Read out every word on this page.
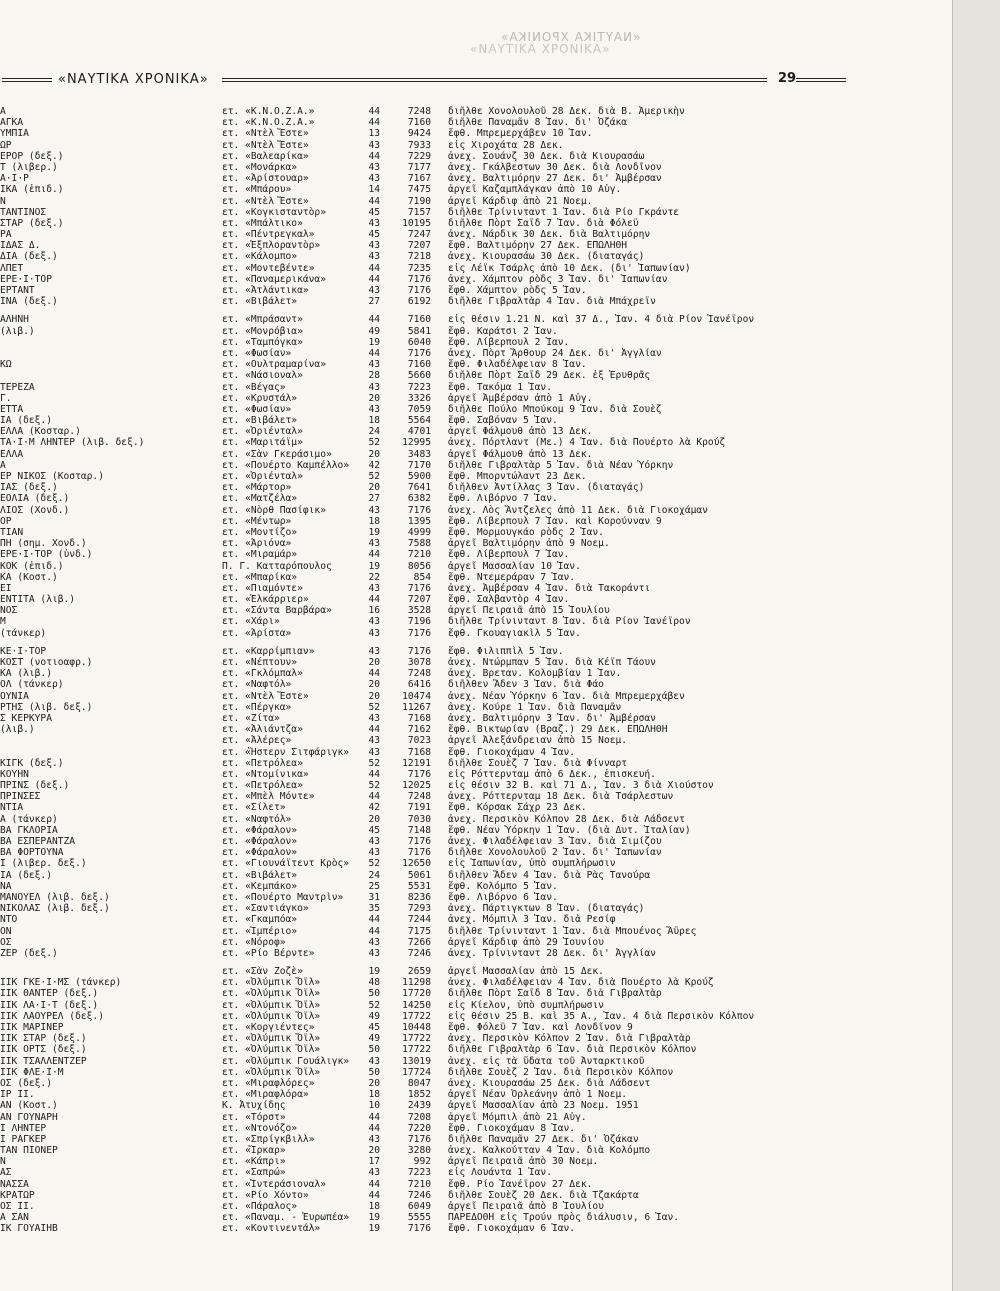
«ΝΑΥΤΙΚΑ ΧΡΟΝΙΚΑ»
«ΝΑΥΤΙΚΑ ΧΡΟΝΙΚΑ»
«ΝΑΥΤΙΚΑ ΧΡΟΝΙΚΑ»	29
Α	ετ. «Κ.Ν.Ο.Ζ.Α.»	44	7248 διῆλθε Χονολουλοῦ 28 Δεκ. διὰ Β. Ἀμερικὴν
ΑΓΚΑ	ετ. «Κ.Ν.Ο.Ζ.Α.»	44	7160 διῆλθε Παναμᾶν 8 Ἰαν. δι' Ὀζάκα
ΥΜΠΙΑ	ετ. «Ντὲλ Ἔστε»	13	9424 ἔφθ. Μπρεμερχάβεν 10 Ἰαν.
ΩΡ	ετ. «Ντὲλ Ἔστε»	43	7933 εἰς Χιροχάτα 28 Δεκ.
ΕΡΟΡ (δεξ.)	ετ. «Βαλεαρίκα»	44	7229 ἀνεχ. Σουάνζ 30 Δεκ. διὰ Κιουρασάω
Τ (λιβερ.)	ετ. «Μονάρκα»	43	7177 ἀνεχ. Γκάλβεστων 30 Δεκ. διὰ Λονδῖνον
Α·Ι·Ρ	ετ. «Ἀρίστουαρ»	43	7167 ἀνεχ. Βαλτιμόρην 27 Δεκ. δι' Ἀμβέρσαν
ΙΚΑ (ἐπιδ.)	ετ. «Μπάρου»	14	7475 ἀργεῖ Καζαμπλάγκαν ἀπὸ 10 Αὐγ.
Ν	ετ. «Ντὲλ Ἔστε»	44	7190 ἀργεῖ Κάρδιφ ἀπὸ 21 Νοεμ.
ΤΑΝΤΙΝΟΣ	ετ. «Κογκισταντὸρ»	45	7157 διῆλθε Τρίνινταντ 1 Ἰαν. διὰ Ρίο Γκράντε
ΣΤΑΡ (δεξ.)	ετ. «Μπάλτικο»	43	10195 διῆλθε Πὸρτ Σαΐδ 7 Ἰαν. διὰ Φόλεϋ
ΡΑ	ετ. «Πέντρεγκαλ»	45	7247 ἀνεχ. Νάρδικ 30 Δεκ. διὰ Βαλτιμόρην
ΙΔΑΣ Δ.	ετ. «Ἐξπλοραντὸρ»	43	7207 ἔφθ. Βαλτιμόρην 27 Δεκ. ΕΠΩΛΗΘΗ
ΔΙΑ (δεξ.)	ετ. «Κάλομπο»	43	7218 ἀνεχ. Κιουρασάω 30 Δεκ. (διαταγάς)
ΛΠΕΤ	ετ. «Μοντεβέντε»	44	7235 εἰς Λέϊκ Τσάρλς ἀπὸ 10 Δεκ. (δι' Ἰαπωνίαν)
ΕΡΕ·Ι·ΤΟΡ	ετ. «Παναμερικάνα»	44	7176 ἀνεχ. Χάμπτον ρὸδς 3 Ἰαν. δι' Ἰαπωνίαν
ΕΡΤΑΝΤ	ετ. «Ἀτλάντικα»	43	7176 ἔφθ. Χάμπτον ρὸδς 5 Ἰαν.
ΙΝΑ (δεξ.)	ετ. «Βιβάλετ»	27	6192 διῆλθε Γιβραλτὰρ 4 Ἰαν. διὰ Μπάχρεϊν
ΑΛΗΝΗ	ετ. «Μπράσαντ»	44	7160 εἰς θέσιν 1.21 Ν. καὶ 37 Δ., Ἰαν. 4 διὰ Ρίον Ἰανέϊρον
(λιβ.)	ετ. «Μονρόβια»	49	5841 ἔφθ. Καράτσι 2 Ἰαν.
ετ. «Ταμπόγκα»	19	6040 ἔφθ. Λίβερπουλ 2 Ἰαν.
ετ. «Φωσίαν»	44	7176 ἀνεχ. Πὸρτ Ἄρθουρ 24 Δεκ. δι' Ἀγγλίαν
ΚΩ	ετ. «Ουλτραμαρίνα»	43	7160 ἔφθ. Φιλαδέλφειαν 8 Ἰαν.
ετ. «Νάσιοναλ»	28	5660 διῆλθε Πὸρτ Σαΐδ 29 Δεκ. ἐξ Ἐρυθρᾶς
ΤΕΡΕΖΑ	ετ. «Βέγας»	43	7223 ἔφθ. Τακόμα 1 Ἰαν.
Γ.	ετ. «Κρυστάλ»	20	3326 ἀργεῖ Ἀμβέρσαν ἀπὸ 1 Αὐγ.
ΕΤΤΑ	ετ. «Φωσίαν»	43	7059 διῆλθε Πούλο Μπούκομ 9 Ἰαν. διὰ Σουὲζ
ΙΑ (δεξ.)	ετ. «Βιβάλετ»	18	5564 ἔφθ. Σαβόναν 5 Ἰαν.
ΕΛΛΑ (Κοσταρ.)	ετ. «Ὀριένταλ»	24	4701 ἀργεῖ Φάλμουθ ἀπὸ 13 Δεκ.
ΤΑ·Ι·Μ ΛΗΝΤΕΡ (λιβ. δεξ.)	ετ. «Μαριτάϊμ»	52	12995 ἀνεχ. Πόρτλαντ (Με.) 4 Ἰαν. διὰ Πουέρτο λὰ Κρούζ
ΕΛΛΑ	ετ. «Σὰν Γκεράσιμο»	20	3483 ἀργεῖ Φάλμουθ ἀπὸ 13 Δεκ.
Α	ετ. «Πουέρτο Καμπέλλο»	42	7170 διῆλθε Γιβραλτὰρ 5 Ἰαν. διὰ Νέαν Ὑόρκην
ΕΡ ΝΙΚΟΣ (Κοσταρ.)	ετ. «Ὀριένταλ»	52	5900 ἔφθ. Μπορντώλαντ 23 Δεκ.
ΙΑΣ (δεξ.)	ετ. «Μάρτορ»	20	7641 διῆλθεν Ἀντίλλας 3 Ἰαν. (διαταγάς)
ΕΟΛΙΑ (δεξ.)	ετ. «Ματζέλα»	27	6382 ἔφθ. Λιβόρνο 7 Ἰαν.
ΛΙΟΣ (Χονδ.)	ετ. «Νὸρθ Πασίφικ»	43	7176 ἀνεχ. Λὸς Ἄντζελες ἀπὸ 11 Δεκ. διὰ Γιοκοχάμαν
ΟΡ	ετ. «Μέντωρ»	18	1395 ἔφθ. Λίβερπουλ 7 Ἰαν. καὶ Κορούνναν 9
ΤΙΑΝ	ετ. «Μοντίζο»	19	4999 ἔφθ. Μορμουγκάο ρὸδς 2 Ἰαν.
ΠΗ (σημ. Χονδ.)	ετ. «Ἀριόνα»	43	7588 ἀργεῖ Βαλτιμόρην ἀπὸ 9 Νοεμ.
ΕΡΕ·Ι·ΤΟΡ (ὑνδ.)	ετ. «Μιραμάρ»	44	7210 ἔφθ. Λίβερπουλ 7 Ἰαν.
ΚΟΚ (ἐπιδ.)	Π. Γ. Κατταρόπουλος	19	8056 ἀργεῖ Μασσαλίαν 10 Ἰαν.
ΚΑ (Κοστ.)	ετ. «Μπαρίκα»	22	854 ἔφθ. Ντεμεράραν 7 Ἰαν.
ΕΙ	ετ. «Πιαμόντε»	43	7176 ἀνεχ. Ἀμβέρσαν 4 Ἰαν. διὰ Τακοράντι
ΕΝΤΙΤΑ (λιβ.)	ετ. «Ἐλκάρριερ»	44	7207 ἔφθ. Σαλβαντὸρ 4 Ἰαν.
ΝΟΣ	ετ. «Σάντα Βαρβάρα»	16	3528 ἀργεῖ Πειραιᾶ ἀπὸ 15 Ἰουλίου
Μ	ετ. «Χάρι»	43	7196 διῆλθε Τρίνινταντ 8 Ἰαν. διὰ Ρίον Ἰανέϊρον
(τάνκερ)	ετ. «Ἀρίστα»	43	7176 ἔφθ. Γκουαγιακὶλ 5 Ἰαν.
ΚΕ·Ι·ΤΟΡ	ετ. «Καρρίμπιαν»	43	7176 ἔφθ. Φιλιππὶλ 5 Ἰαν.
ΚΟΣΤ (νοτιοαφρ.)	ετ. «Νέπτουν»	20	3078 ἀνεχ. Ντώρμπαν 5 Ἰαν. διὰ Κέϊπ Τάουν
ΚΑ (λιβ.)	ετ. «Γκλόμπαλ»	44	7248 ἀνεχ. Βρεταν. Κολομβίαν 1 Ἰαν.
ΟΛ (τάνκερ)	ετ. «Ναφτόλ»	20	6416 διῆλθεν Ἄδεν 3 Ἰαν. διὰ Φάο
ΟΥΝΙΑ	ετ. «Ντὲλ Ἔστε»	20	10474 ἀνεχ. Νέαν Ὑόρκην 6 Ἰαν. διὰ Μπρεμερχάβεν
ΡΤΗΣ (λιβ. δεξ.)	ετ. «Πέργκα»	52	11267 ἀνεχ. Κούρε 1 Ἰαν. διὰ Παναμᾶν
Σ ΚΕΡΚΥΡΑ	ετ. «Ζίτα»	43	7168 ἀνεχ. Βαλτιμόρην 3 Ἰαν. δι' Ἀμβέρσαν
(λιβ.)	ετ. «Ἀλιάντζα»	44	7162 ἔφθ. Βικτωρίαν (Βραζ.) 29 Δεκ. ΕΠΩΛΗΘΗ
ετ. «Ἀλέρες»	43	7023 ἀργεῖ Ἀλεξάνδρειαν ἀπὸ 15 Νοεμ.
ετ. «Ἥστερν Σιτφάριγκ»	43	7168 ἔφθ. Γιοκοχάμαν 4 Ἰαν.
ΚΙΓΚ (δεξ.)	ετ. «Πετρόλεα»	52	12191 διῆλθε Σουὲζ 7 Ἰαν. διὰ Φίνναρτ
ΚΟΥΗΝ	ετ. «Ντομίνικα»	44	7176 εἰς Ρόττερνταμ ἀπὸ 6 Δεκ., ἐπισκευή.
ΠΡΙΝΣ (δεξ.)	ετ. «Πετρόλεα»	52	12025 εἰς θέσιν 32 Β. καὶ 71 Δ., Ἰαν. 3 διὰ Χιούστον
ΠΡΙΝΣΕΣ	ετ. «Μπὲλ Μόντε»	44	7248 ἀνεχ. Ρόττερνταμ 18 Δεκ. διὰ Τσάρλεστων
ΝΤΙΑ	ετ. «Σίλετ»	42	7191 ἔφθ. Κόρσακ Σάχρ 23 Δεκ.
Α (τάνκερ)	ετ. «Ναφτόλ»	20	7030 ἀνεχ. Περσικὸν Κόλπον 28 Δεκ. διὰ Λάδσεντ
ΒΑ ΓΚΛΟΡΙΑ	ετ. «Φάραλον»	45	7148 ἔφθ. Νέαν Ὑόρκην 1 Ἰαν. (διὰ Δυτ. Ἰταλίαν)
ΒΑ ΕΣΠΕΡΑΝΤΖΑ	ετ. «Φάραλον»	43	7176 ἀνεχ. Φιλαδέλφειαν 3 Ἰαν. διὰ Σιμίζου
ΒΑ ΦΟΡΤΟΥΝΑ	ετ. «Φάραλον»	43	7176 διῆλθε Χονολουλοῦ 2 Ἰαν. δι' Ἰαπωνίαν
Ι (λιβερ. δεξ.)	ετ. «Γιουνάϊτεντ Κρὸς»	52	12650 εἰς Ἰαπωνίαν, ὑπὸ συμπλήρωσιν
ΙΑ (δεξ.)	ετ. «Βιβάλετ»	24	5061 διῆλθεν Ἄδεν 4 Ἰαν. διὰ Ρὰς Τανούρα
ΝΑ	ετ. «Κεμπάκο»	25	5531 ἔφθ. Κολόμπο 5 Ἰαν.
ΜΑΝΟΥΕΛ (λιβ. δεξ.)	ετ. «Πουέρτο Μαντρὶν»	31	8236 ἔφθ. Λιβόρνο 6 Ἰαν.
ΝΙΚΟΛΑΣ (λιβ. δεξ.)	ετ. «Σαντιάγκο»	35	7293 ἀνεχ. Πάρτιγκτων 8 Ἰαν. (διαταγάς)
ΝΤΟ	ετ. «Γκαμπόα»	44	7244 ἀνεχ. Μόμπιλ 3 Ἰαν. διὰ Ρεσίφ
ΟΝ	ετ. «Ἰμπέριο»	44	7175 διῆλθε Τρίνινταντ 1 Ἰαν. διὰ Μπουένος Ἄϋρες
ΟΣ	ετ. «Νόροφ»	43	7266 ἀργεῖ Κάρδιφ ἀπὸ 29 Ἰουνίου
ΖΕΡ (δεξ.)	ετ. «Ρίο Βέρντε»	43	7246 ἀνεχ. Τρίνινταντ 28 Δεκ. δι' Ἀγγλίαν
ετ. «Σὰν Ζοζὲ»	19	2659 ἀργεῖ Μασσαλίαν ἀπὸ 15 Δεκ.
ΙΙΚ ΓΚΕ·Ι·ΜΣ (τάνκερ)	ετ. «Ὀλύμπικ Ὄϊλ»	48	11298 ἀνεχ. Φιλαδέλφειαν 4 Ἰαν. διὰ Πουέρτο λὰ Κρούζ
ΙΙΚ ΘΑΝΤΕΡ (δεξ.)	ετ. «Ὀλύμπικ Ὄϊλ»	50	17720 διῆλθε Πὸρτ Σαΐδ 8 Ἰαν. διὰ Γιβραλτὰρ
ΙΙΚ ΛΑ·Ι·Τ (δεξ.)	ετ. «Ὀλύμπικ Ὄϊλ»	52	14250 εἰς Κίελον, ὑπὸ συμπλήρωσιν
ΙΙΚ ΛΑΟΥΡΕΛ (δεξ.)	ετ. «Ὀλύμπικ Ὄϊλ»	49	17722 εἰς θέσιν 25 Β. καὶ 35 Α., Ἰαν. 4 διὰ Περσικὸν Κόλπον
ΙΙΚ ΜΑΡΙΝΕΡ	ετ. «Κοργιέντες»	45	10448 ἔφθ. Φόλεϋ 7 Ἰαν. καὶ Λονδῖνον 9
ΙΙΚ ΣΤΑΡ (δεξ.)	ετ. «Ὀλύμπικ Ὄϊλ»	49	17722 ἀνεχ. Περσικὸν Κόλπον 2 Ἰαν. διὰ Γιβραλτὰρ
ΙΙΚ ΟΡΤΣ (δεξ.)	ετ. «Ὀλύμπικ Ὄϊλ»	50	17722 διῆλθε Γιβραλτὰρ 6 Ἰαν. διὰ Περσικὸν Κόλπον
ΙΙΚ ΤΣΑΛΛΕΝΤΖΕΡ	ετ. «Ὀλύμπικ Γουάλιγκ»	43	13019 ἀνεχ. εἰς τὰ ὕδατα τοῦ Ἀνταρκτικοῦ
ΙΙΚ ΦΛΕ·Ι·Μ	ετ. «Ὀλύμπικ Ὄϊλ»	50	17724 διῆλθε Σουὲζ 2 Ἰαν. διὰ Περσικὸν Κόλπον
ΟΣ (δεξ.)	ετ. «Μιραφλόρες»	20	8047 ἀνεχ. Κιουρασάω 25 Δεκ. διὰ Λάδσεντ
ΙΡ ΙΙ.	ετ. «Μιραφλόρα»	18	1852 ἀργεῖ Νέαν Ὀρλεάνην ἀπὸ 1 Νοεμ.
ΑΝ (Κοστ.)	Κ. Ἀτυχίδης	10	2439 ἀργεῖ Μασσαλίαν ἀπὸ 23 Νοεμ. 1951
ΑΝ ΓΟΥΝΑΡΗ	ετ. «Τόρστ»	44	7208 ἀργεῖ Μόμπιλ ἀπὸ 21 Αὐγ.
Ι ΛΗΝΤΕΡ	ετ. «Ντονόζο»	44	7220 ἔφθ. Γιοκοχάμαν 8 Ἰαν.
Ι ΡΑΓΚΕΡ	ετ. «Σπρίγκβιλλ»	43	7176 διῆλθε Παναμᾶν 27 Δεκ. δι' Ὀζάκαν
ΤΑΝ ΠΙΟΝΕΡ	ετ. «Ἴρκαρ»	20	3280 ἀνεχ. Καλκούτταν 4 Ἰαν. διὰ Κολόμπο
Ν	ετ. «Κάπρι»	17	992 ἀργεῖ Πειραιᾶ ἀπὸ 30 Νοεμ.
ΑΣ	ετ. «Σαπρώ»	43	7223 εἰς Λουάντα 1 Ἰαν.
ΝΑΣΣΑ	ετ. «Ἰντεράσιοναλ»	44	7210 ἔφθ. Ρίο Ἰανέϊρον 27 Δεκ.
ΚΡΑΤΩΡ	ετ. «Ρίο Χόντο»	44	7246 διῆλθε Σουὲζ 20 Δεκ. διὰ Τζακάρτα
ΟΣ ΙΙ.	ετ. «Πάραλος»	18	6049 ἀργεῖ Πειραιᾶ ἀπὸ 8 Ἰουλίου
Α ΣΑΝ	ετ. «Παναμ. - Ἑυρωπέα»	19	5555 ΠΑΡΕΔΟΘΗ εἰς Τρούν πρὸς διάλυσιν, 6 Ἰαν.
ΙΚ ΓΟΥΑΙΗΒ	ετ. «Κοντινεντάλ»	19	7176 ἔφθ. Γιοκοχάμαν 6 Ἰαν.
